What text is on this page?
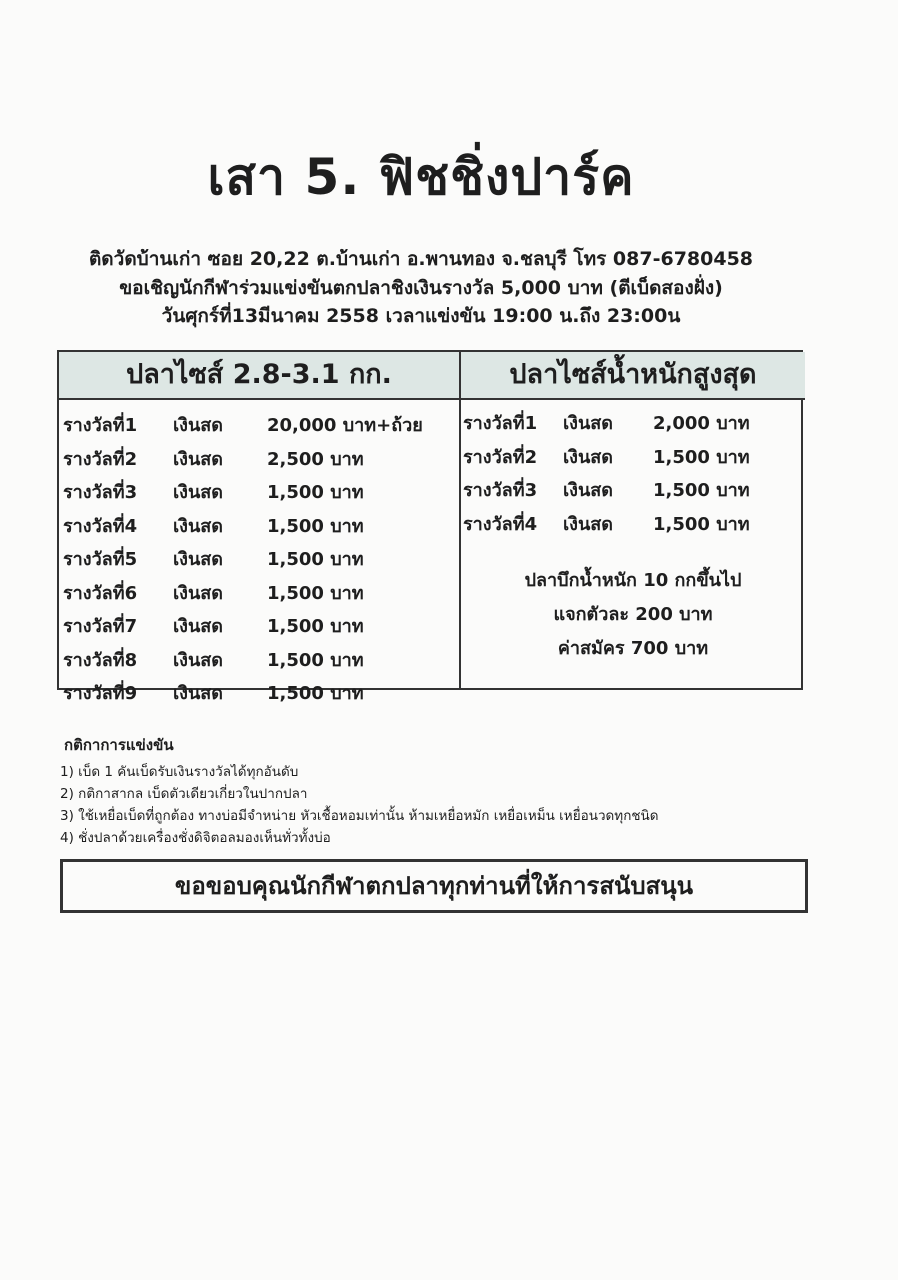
เสา 5. ฟิชชิ่งปาร์ค
ติดวัดบ้านเก่า ซอย 20,22 ต.บ้านเก่า อ.พานทอง จ.ชลบุรี โทร 087-6780458
ขอเชิญนักกีฬาร่วมแข่งขันตกปลาชิงเงินรางวัล 5,000 บาท (ตีเบ็ดสองฝั่ง)
วันศุกร์ที่13มีนาคม 2558 เวลาแข่งขัน 19:00 น.ถึง 23:00น
ปลาไซส์ 2.8-3.1 กก.
รางวัลที่1 เงินสด 20,000 บาท+ถ้วย
รางวัลที่2 เงินสด 2,500 บาท
รางวัลที่3 เงินสด 1,500 บาท
รางวัลที่4 เงินสด 1,500 บาท
รางวัลที่5 เงินสด 1,500 บาท
รางวัลที่6 เงินสด 1,500 บาท
รางวัลที่7 เงินสด 1,500 บาท
รางวัลที่8 เงินสด 1,500 บาท
รางวัลที่9 เงินสด 1,500 บาท
ปลาไซส์น้ำหนักสูงสุด
รางวัลที่1 เงินสด 2,000 บาท
รางวัลที่2 เงินสด 1,500 บาท
รางวัลที่3 เงินสด 1,500 บาท
รางวัลที่4 เงินสด 1,500 บาท
ปลาบึกน้ำหนัก 10 กกขึ้นไป
แจกตัวละ 200 บาท
ค่าสมัคร 700 บาท
กติกาการแข่งขัน
1) เบ็ด 1 คันเบ็ดรับเงินรางวัลได้ทุกอันดับ
2) กติกาสากล เบ็ดตัวเดียวเกี่ยวในปากปลา
3) ใช้เหยื่อเบ็ดที่ถูกต้อง ทางบ่อมีจำหน่าย หัวเชื้อหอมเท่านั้น ห้ามเหยื่อหมัก เหยื่อเหม็น เหยื่อนวดทุกชนิด
4) ชั่งปลาด้วยเครื่องชั่งดิจิตอลมองเห็นทั่วทั้งบ่อ
ขอขอบคุณนักกีฬาตกปลาทุกท่านที่ให้การสนับสนุน
